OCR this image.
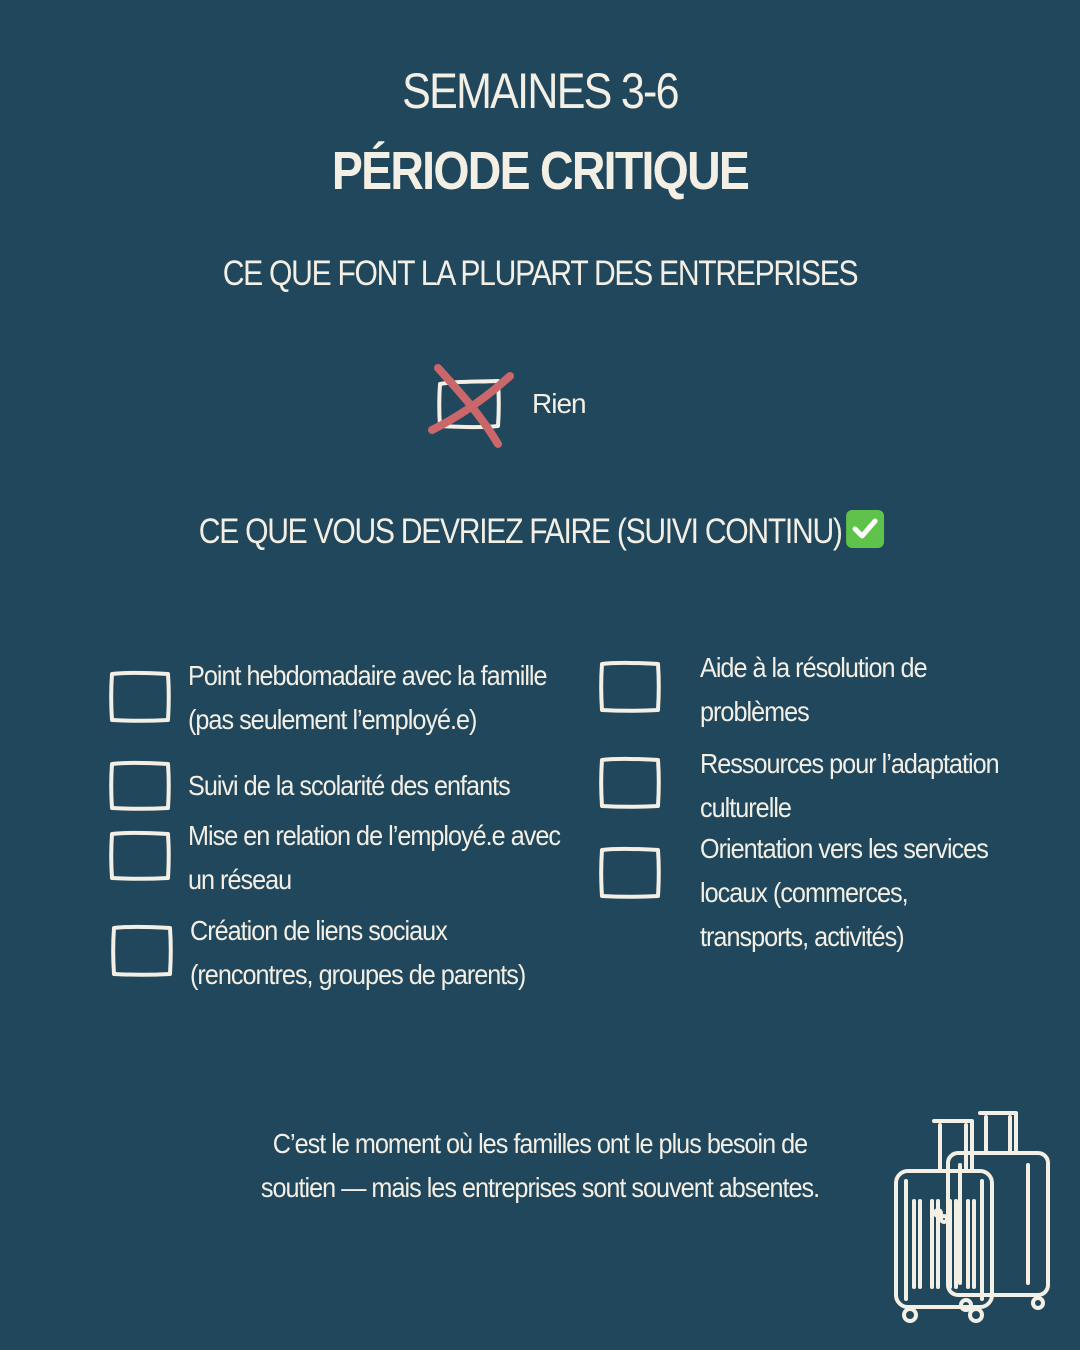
SEMAINES 3-6
PÉRIODE CRITIQUE
CE QUE FONT LA PLUPART DES ENTREPRISES
Rien
CE QUE VOUS DEVRIEZ FAIRE (SUIVI CONTINU)
Point hebdomadaire avec la famille
(pas seulement l’employé.e)
Suivi de la scolarité des enfants
Mise en relation de l’employé.e avec
un réseau
Création de liens sociaux
(rencontres, groupes de parents)
Aide à la résolution de
problèmes
Ressources pour l’adaptation
culturelle
Orientation vers les services
locaux (commerces,
transports, activités)
C’est le moment où les familles ont le plus besoin de
soutien — mais les entreprises sont souvent absentes.
